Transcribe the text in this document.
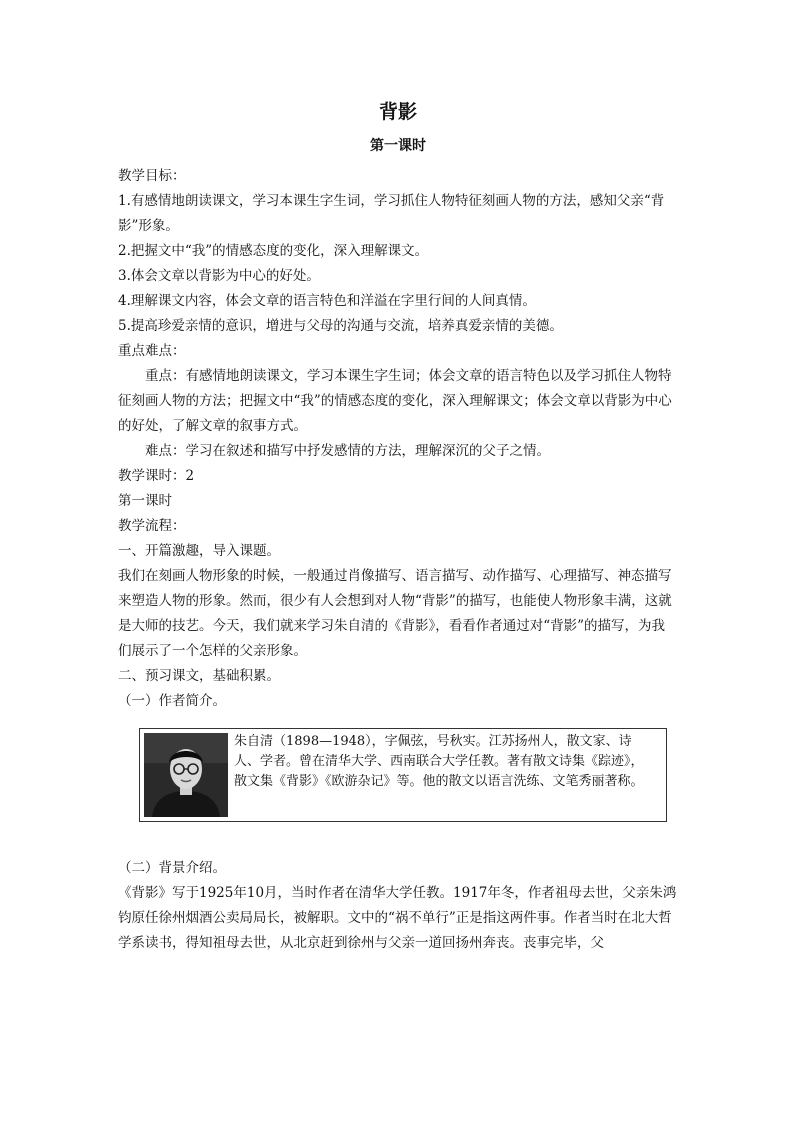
背影
第一课时

教学目标：

1.有感情地朗读课文，学习本课生字生词，学习抓住人物特征刻画人物的方法，感知父亲“背影”形象。

2.把握文中“我”的情感态度的变化，深入理解课文。

3.体会文章以背影为中心的好处。

4.理解课文内容，体会文章的语言特色和洋溢在字里行间的人间真情。

5.提高珍爱亲情的意识，增进与父母的沟通与交流，培养真爱亲情的美德。

重点难点：

重点：有感情地朗读课文，学习本课生字生词；体会文章的语言特色以及学习抓住人物特征刻画人物的方法；把握文中“我”的情感态度的变化，深入理解课文；体会文章以背影为中心的好处，了解文章的叙事方式。

难点：学习在叙述和描写中抒发感情的方法，理解深沉的父子之情。

教学课时：2

第一课时

教学流程：

一、开篇激趣，导入课题。

我们在刻画人物形象的时候，一般通过肖像描写、语言描写、动作描写、心理描写、神态描写来塑造人物的形象。然而，很少有人会想到对人物“背影”的描写，也能使人物形象丰满，这就是大师的技艺。今天，我们就来学习朱自清的《背影》，看看作者通过对“背影”的描写，为我们展示了一个怎样的父亲形象。

二、预习课文，基础积累。

（一）作者简介。

朱自清（1898—1948），字佩弦，号秋实。江苏扬州人，散文家、诗人、学者。曾在清华大学、西南联合大学任教。著有散文诗集《踪迹》，散文集《背影》《欧游杂记》等。他的散文以语言洗练、文笔秀丽著称。

（二）背景介绍。

《背影》写于1925年10月，当时作者在清华大学任教。1917年冬，作者祖母去世，父亲朱鸿钧原任徐州烟酒公卖局局长，被解职。文中的“祸不单行”正是指这两件事。作者当时在北大哲学系读书，得知祖母去世，从北京赶到徐州与父亲一道回扬州奔丧。丧事完毕，父
